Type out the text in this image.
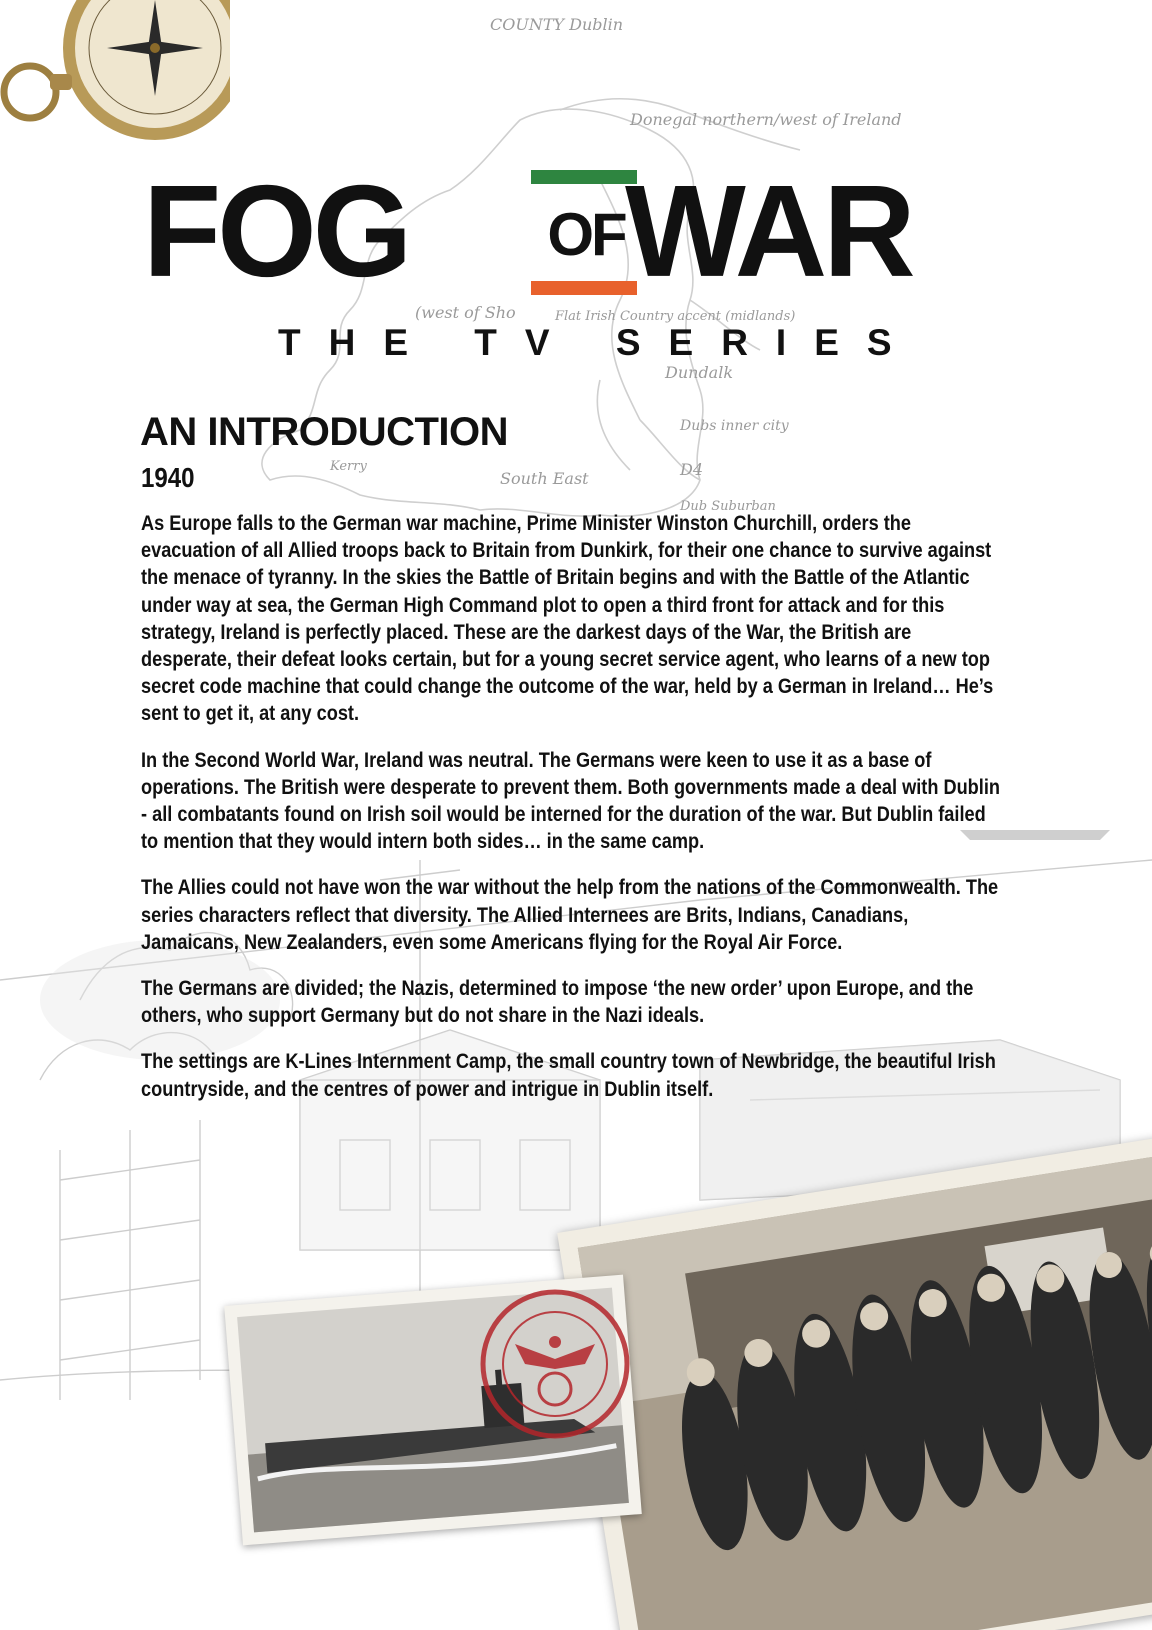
COUNTY Dublin
Donegal northern/west of Ireland
(west of Sho	Flat Irish Country accent (midlands)
Dundalk
Dubs inner city
South East	D4
Dub Suburban
Kerry
FOG OF WAR
THE TV SERIES
AN INTRODUCTION
1940

As Europe falls to the German war machine, Prime Minister Winston Churchill, orders the evacuation of all Allied troops back to Britain from Dunkirk, for their one chance to survive against the menace of tyranny. In the skies the Battle of Britain begins and with the Battle of the Atlantic under way at sea, the German High Command plot to open a third front for attack and for this strategy, Ireland is perfectly placed. These are the darkest days of the War, the British are desperate, their defeat looks certain, but for a young secret service agent, who learns of a new top secret code machine that could change the outcome of the war, held by a German in Ireland… He’s sent to get it, at any cost.

In the Second World War, Ireland was neutral. The Germans were keen to use it as a base of operations. The British were desperate to prevent them. Both governments made a deal with Dublin - all combatants found on Irish soil would be interned for the duration of the war. But Dublin failed to mention that they would intern both sides… in the same camp.

The Allies could not have won the war without the help from the nations of the Commonwealth. The series characters reflect that diversity. The Allied Internees are Brits, Indians, Canadians, Jamaicans, New Zealanders, even some Americans flying for the Royal Air Force.

The Germans are divided; the Nazis, determined to impose ‘the new order’ upon Europe, and the others, who support Germany but do not share in the Nazi ideals.

The settings are K-Lines Internment Camp, the small country town of Newbridge, the beautiful Irish countryside, and the centres of power and intrigue in Dublin itself.
